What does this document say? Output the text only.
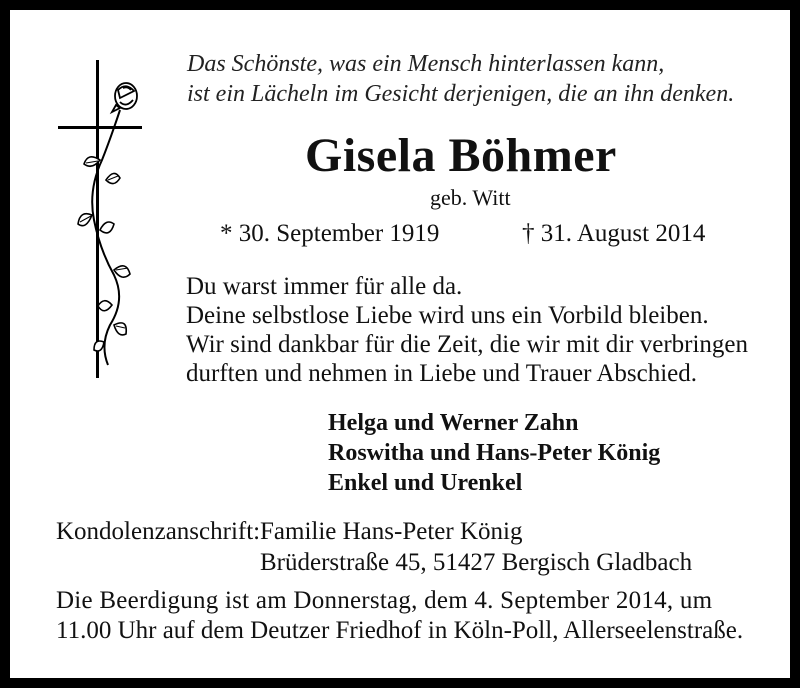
Das Schönste, was ein Mensch hinterlassen kann,
ist ein Lächeln im Gesicht derjenigen, die an ihn denken.
Gisela Böhmer
geb. Witt
* 30. September 1919	† 31. August 2014
Du warst immer für alle da.
Deine selbstlose Liebe wird uns ein Vorbild bleiben.
Wir sind dankbar für die Zeit, die wir mit dir verbringen
durften und nehmen in Liebe und Trauer Abschied.
Helga und Werner Zahn
Roswitha und Hans-Peter König
Enkel und Urenkel
Kondolenzanschrift: Familie Hans-Peter König
Brüderstraße 45, 51427 Bergisch Gladbach
Die Beerdigung ist am Donnerstag, dem 4. September 2014, um
11.00 Uhr auf dem Deutzer Friedhof in Köln-Poll, Allerseelenstraße.
